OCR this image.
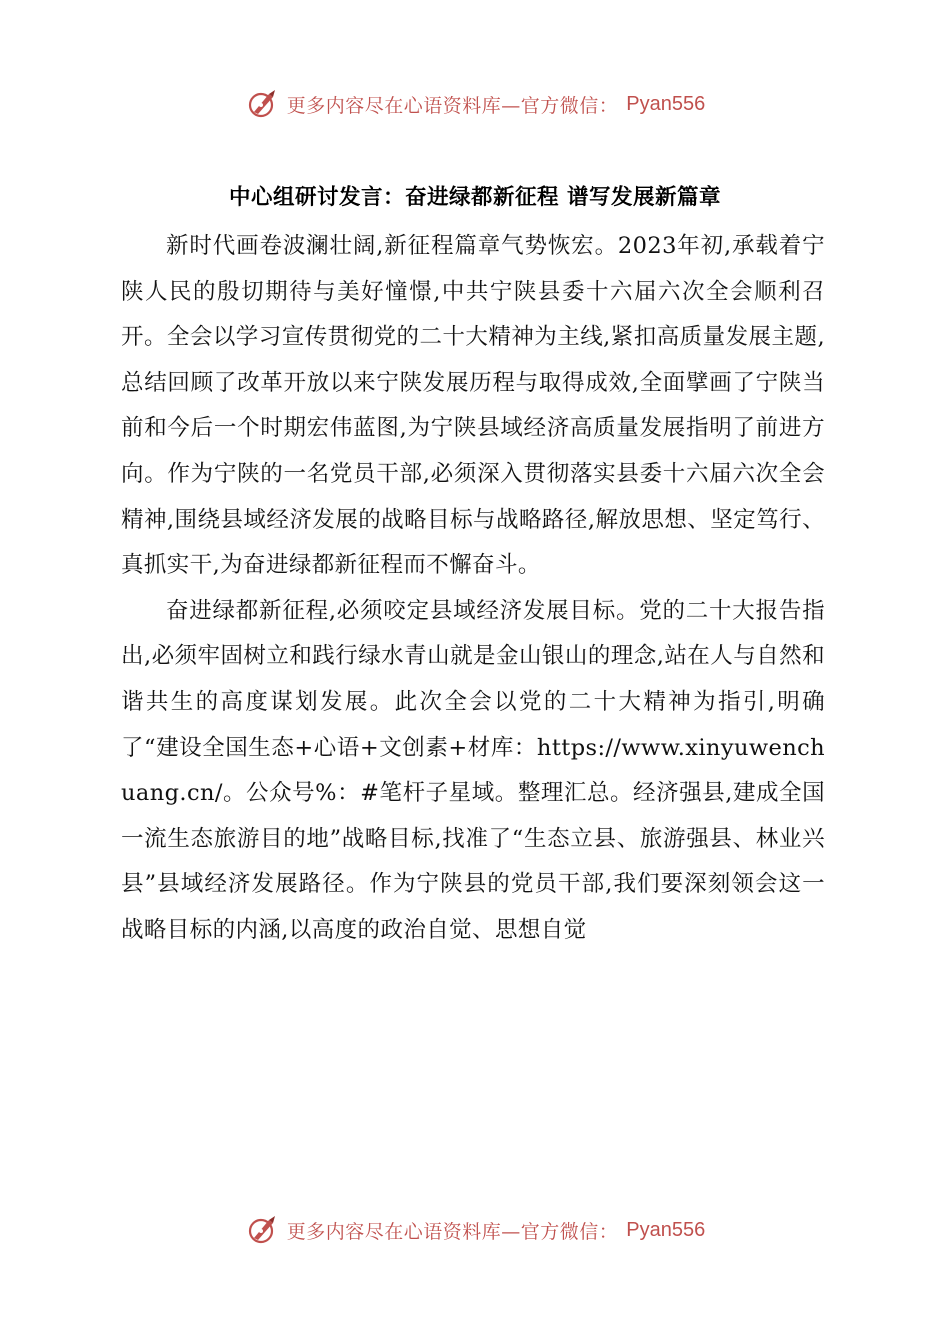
更多内容尽在心语资料库—官方微信： Pyan556
中心组研讨发言：奋进绿都新征程 谱写发展新篇章

新时代画卷波澜壮阔,新征程篇章气势恢宏。2023年初,承载着宁陕人民的殷切期待与美好憧憬,中共宁陕县委十六届六次全会顺利召开。全会以学习宣传贯彻党的二十大精神为主线,紧扣高质量发展主题,总结回顾了改革开放以来宁陕发展历程与取得成效,全面擘画了宁陕当前和今后一个时期宏伟蓝图,为宁陕县域经济高质量发展指明了前进方向。作为宁陕的一名党员干部,必须深入贯彻落实县委十六届六次全会精神,围绕县域经济发展的战略目标与战略路径,解放思想、坚定笃行、真抓实干,为奋进绿都新征程而不懈奋斗。

奋进绿都新征程,必须咬定县域经济发展目标。党的二十大报告指出,必须牢固树立和践行绿水青山就是金山银山的理念,站在人与自然和谐共生的高度谋划发展。此次全会以党的二十大精神为指引,明确了“建设全国生态+心语+文创素+材库：https://www.xinyuwenchuang.cn/。公众号%：#笔杆子星域。整理汇总。经济强县,建成全国一流生态旅游目的地”战略目标,找准了“生态立县、旅游强县、林业兴县”县域经济发展路径。作为宁陕县的党员干部,我们要深刻领会这一战略目标的内涵,以高度的政治自觉、思想自觉

更多内容尽在心语资料库—官方微信： Pyan556
